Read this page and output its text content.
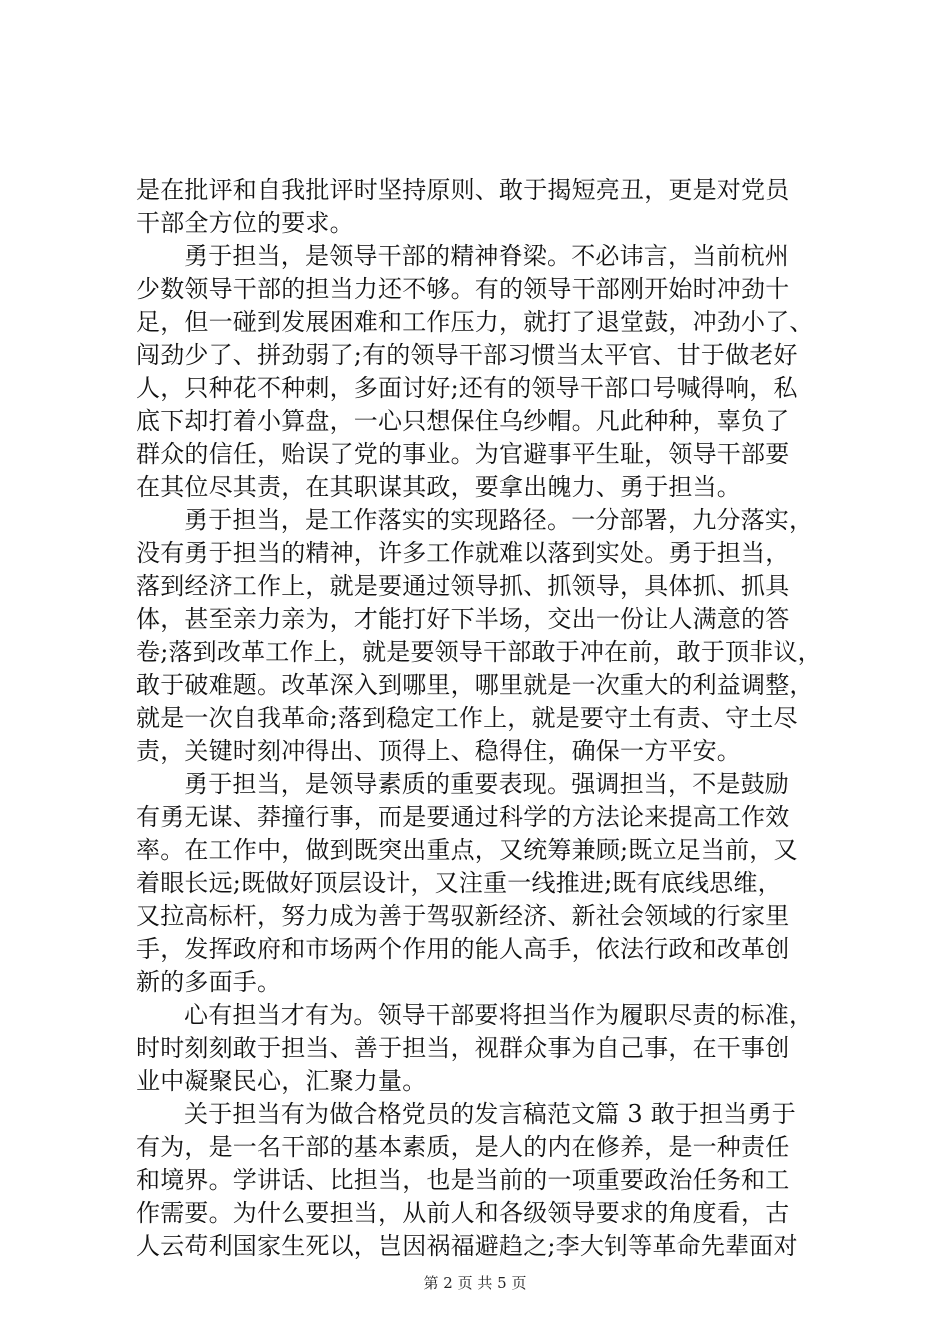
是在批评和自我批评时坚持原则、敢于揭短亮丑，更是对党员
干部全方位的要求。
勇于担当，是领导干部的精神脊梁。不必讳言，当前杭州
少数领导干部的担当力还不够。有的领导干部刚开始时冲劲十
足，但一碰到发展困难和工作压力，就打了退堂鼓，冲劲小了、
闯劲少了、拼劲弱了;有的领导干部习惯当太平官、甘于做老好
人，只种花不种刺，多面讨好;还有的领导干部口号喊得响，私
底下却打着小算盘，一心只想保住乌纱帽。凡此种种，辜负了
群众的信任，贻误了党的事业。为官避事平生耻，领导干部要
在其位尽其责，在其职谋其政，要拿出魄力、勇于担当。
勇于担当，是工作落实的实现路径。一分部署，九分落实，
没有勇于担当的精神，许多工作就难以落到实处。勇于担当，
落到经济工作上，就是要通过领导抓、抓领导，具体抓、抓具
体，甚至亲力亲为，才能打好下半场，交出一份让人满意的答
卷;落到改革工作上，就是要领导干部敢于冲在前，敢于顶非议，
敢于破难题。改革深入到哪里，哪里就是一次重大的利益调整，
就是一次自我革命;落到稳定工作上，就是要守土有责、守土尽
责，关键时刻冲得出、顶得上、稳得住，确保一方平安。
勇于担当，是领导素质的重要表现。强调担当，不是鼓励
有勇无谋、莽撞行事，而是要通过科学的方法论来提高工作效
率。在工作中，做到既突出重点，又统筹兼顾;既立足当前，又
着眼长远;既做好顶层设计，又注重一线推进;既有底线思维，
又拉高标杆，努力成为善于驾驭新经济、新社会领域的行家里
手，发挥政府和市场两个作用的能人高手，依法行政和改革创
新的多面手。
心有担当才有为。领导干部要将担当作为履职尽责的标准，
时时刻刻敢于担当、善于担当，视群众事为自己事，在干事创
业中凝聚民心，汇聚力量。
关于担当有为做合格党员的发言稿范文篇 3 敢于担当勇于
有为，是一名干部的基本素质，是人的内在修养，是一种责任
和境界。学讲话、比担当，也是当前的一项重要政治任务和工
作需要。为什么要担当，从前人和各级领导要求的角度看，古
人云苟利国家生死以，岂因祸福避趋之;李大钊等革命先辈面对
第 2 页 共 5 页
